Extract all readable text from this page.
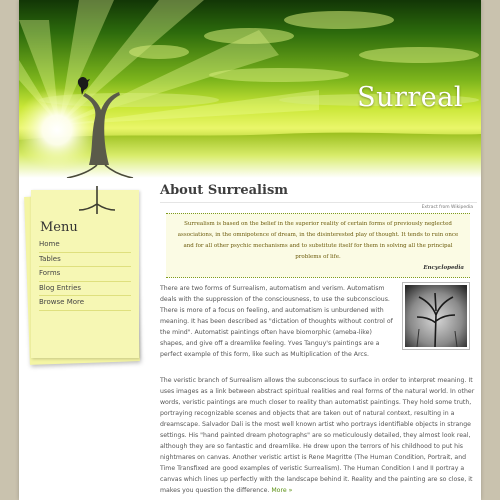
Surreal
Menu
Home
Tables
Forms
Blog Entries
Browse More
About Surrealism
Extract from Wikipedia
Surrealism is based on the belief in the superior reality of certain forms of previously neglected associations, in the omnipotence of dream, in the disinterested play of thought. It tends to ruin once and for all other psychic mechanisms and to substitute itself for them in solving all the principal problems of life.
Encyclopedia
There are two forms of Surrealism, automatism and verism. Automatism deals with the suppression of the consciousness, to use the subconscious. There is more of a focus on feeling, and automatism is unburdened with meaning. It has been described as "dictation of thoughts without control of the mind". Automatist paintings often have biomorphic (ameba-like) shapes, and give off a dreamlike feeling. Yves Tanguy's paintings are a perfect example of this form, like such as Multiplication of the Arcs.
The veristic branch of Surrealism allows the subconscious to surface in order to interpret meaning. It uses images as a link between abstract spiritual realities and real forms of the natural world. In other words, veristic paintings are much closer to reality than automatist paintings. They hold some truth, portraying recognizable scenes and objects that are taken out of natural context, resulting in a dreamscape. Salvador Dali is the most well known artist who portrays identifiable objects in strange settings. His "hand painted dream photographs" are so meticulously detailed, they almost look real, although they are so fantastic and dreamlike. He drew upon the terrors of his childhood to put his nightmares on canvas. Another veristic artist is Rene Magritte (The Human Condition, Portrait, and Time Transfixed are good examples of veristic Surrealism). The Human Condition I and II portray a canvas which lines up perfectly with the landscape behind it. Reality and the painting are so close, it makes you question the difference. More »
